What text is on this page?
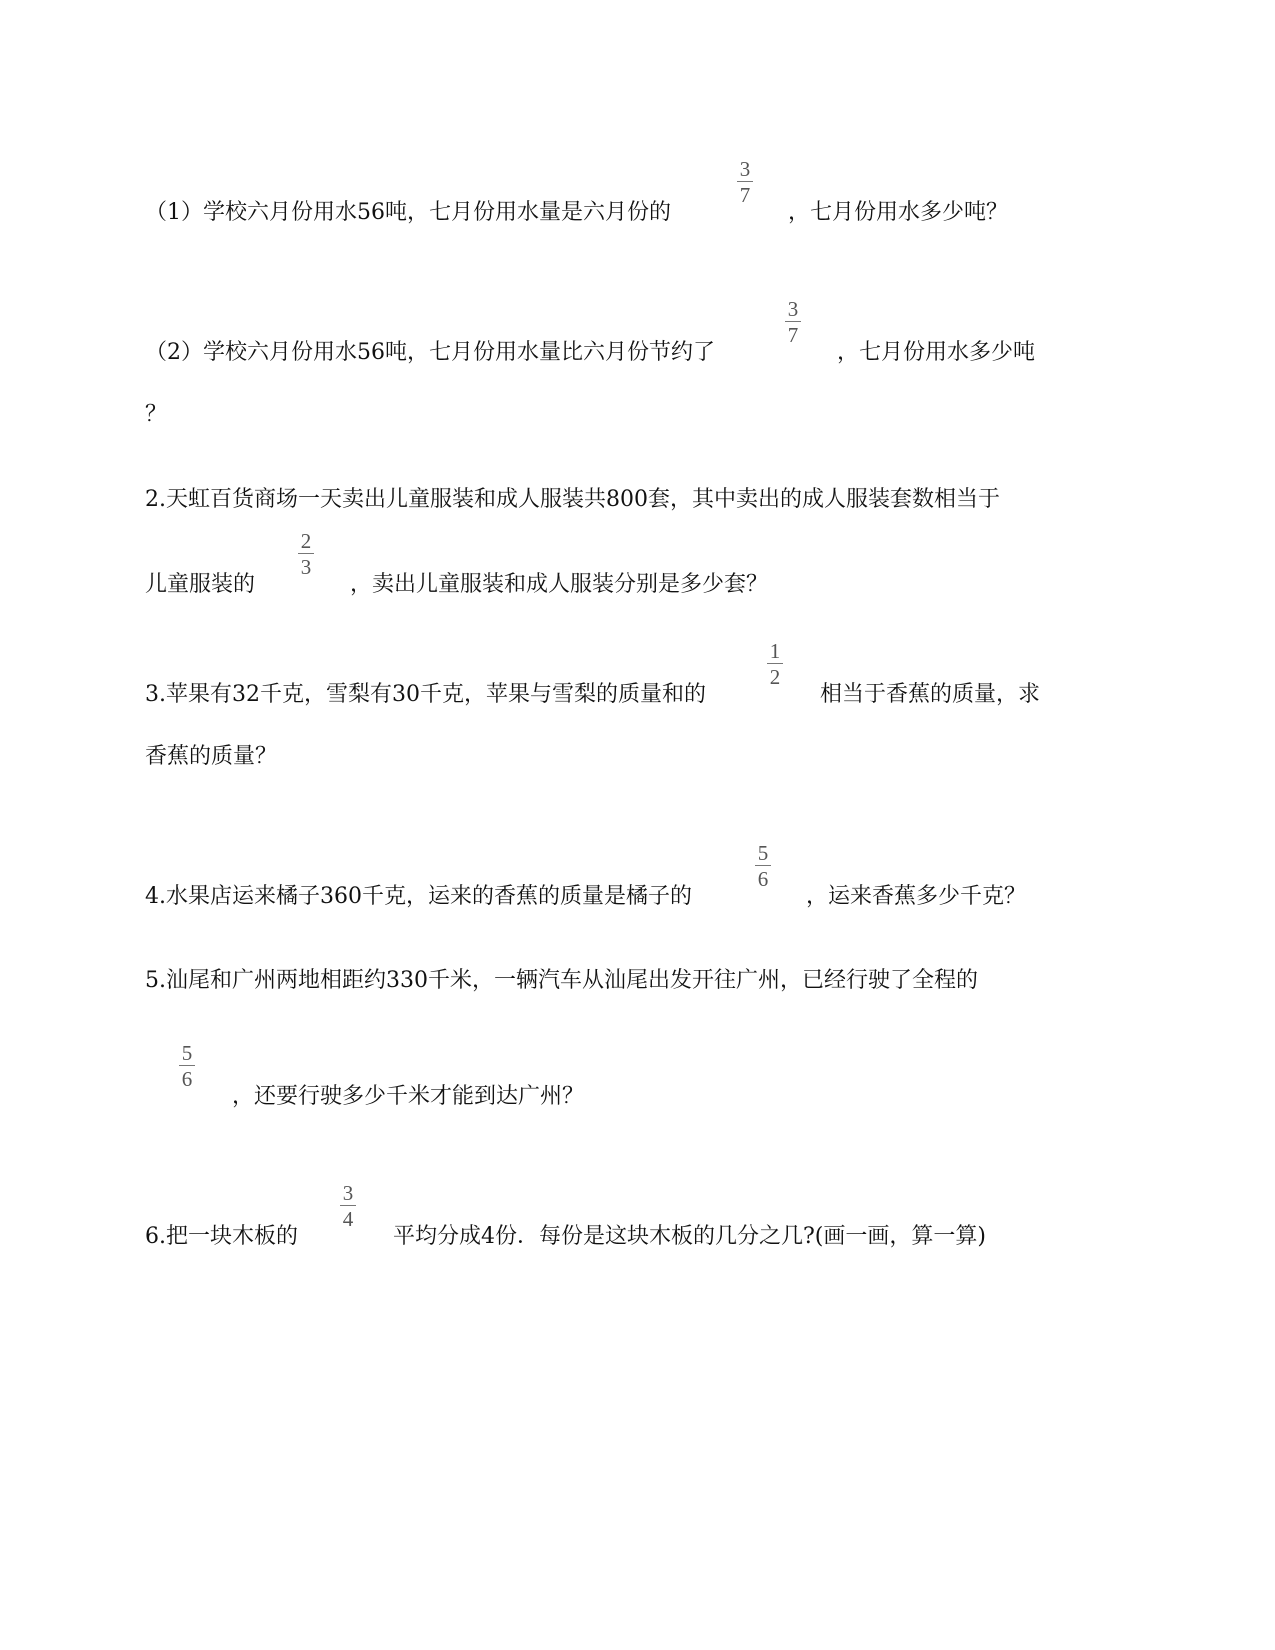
（1）学校六月份用水56吨，七月份用水量是六月份的
3
7
，七月份用水多少吨？
（2）学校六月份用水56吨，七月份用水量比六月份节约了
3
7
，七月份用水多少吨
？
2.天虹百货商场一天卖出儿童服装和成人服装共800套，其中卖出的成人服装套数相当于
儿童服装的
2
3
，卖出儿童服装和成人服装分别是多少套？
3.苹果有32千克，雪梨有30千克，苹果与雪梨的质量和的
1
2
相当于香蕉的质量，求
香蕉的质量？
4.水果店运来橘子360千克，运来的香蕉的质量是橘子的
5
6
，运来香蕉多少千克？
5.汕尾和广州两地相距约330千米，一辆汽车从汕尾出发开往广州，已经行驶了全程的
5
6
，还要行驶多少千米才能到达广州？
6.把一块木板的
3
4
平均分成4份．每份是这块木板的几分之几?(画一画，算一算)
